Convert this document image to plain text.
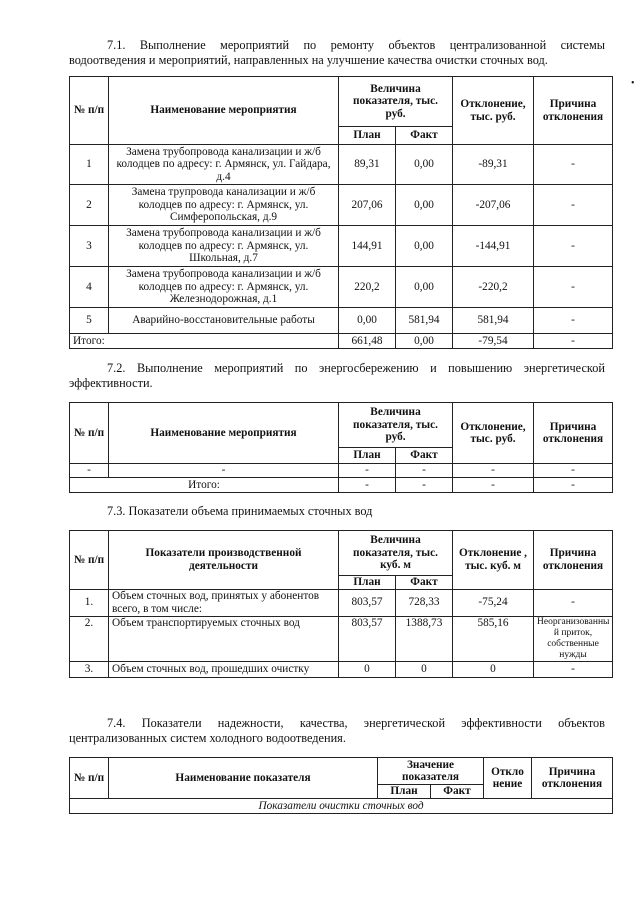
•
7.1. Выполнение мероприятий по ремонту объектов централизованной системы водоотведения и мероприятий, направленных на улучшение качества очистки сточных вод.
№ п/п	Наименование мероприятия	Величина показателя, тыс. руб.		Отклонение, тыс. руб.	Причина отклонения
		План	Факт		
1	Замена трубопровода канализации и ж/б колодцев по адресу: г. Армянск, ул. Гайдара, д.4	89,31	0,00	-89,31	-
2	Замена трупровода канализации и ж/б колодцев по адресу: г. Армянск, ул. Симферопольская, д.9	207,06	0,00	-207,06	-
3	Замена трубопровода канализации и ж/б колодцев по адресу: г. Армянск, ул. Школьная, д.7	144,91	0,00	-144,91	-
4	Замена трубопровода канализации и ж/б колодцев по адресу: г. Армянск, ул. Железнодорожная, д.1	220,2	0,00	-220,2	-
5	Аварийно-восстановительные работы	0,00	581,94	581,94	-
Итого:		661,48	0,00	-79,54	-
7.2. Выполнение мероприятий по энергосбережению и повышению энергетической эффективности.
№ п/п	Наименование мероприятия	Величина показателя, тыс. руб.		Отклонение, тыс. руб.	Причина отклонения
		План	Факт		
-	-	-	-	-	-
Итого:		-	-	-	-
7.3. Показатели объема принимаемых сточных вод
№ п/п	Показатели производственной деятельности	Величина показателя, тыс. куб. м		Отклонение , тыс. куб. м	Причина отклонения
		План	Факт		
1.	Объем сточных вод, принятых у абонентов всего, в том числе:	803,57	728,33	-75,24	-
2.	Объем транспортируемых сточных вод	803,57	1388,73	585,16	Неорганизованны й приток, собственные нужды
3.	Объем сточных вод, прошедших очистку	0	0	0	-
7.4. Показатели надежности, качества, энергетической эффективности объектов централизованных систем холодного водоотведения.
№ п/п	Наименование показателя	Значение показателя		Откло нение	Причина отклонения
		План	Факт		
Показатели очистки сточных вод					
